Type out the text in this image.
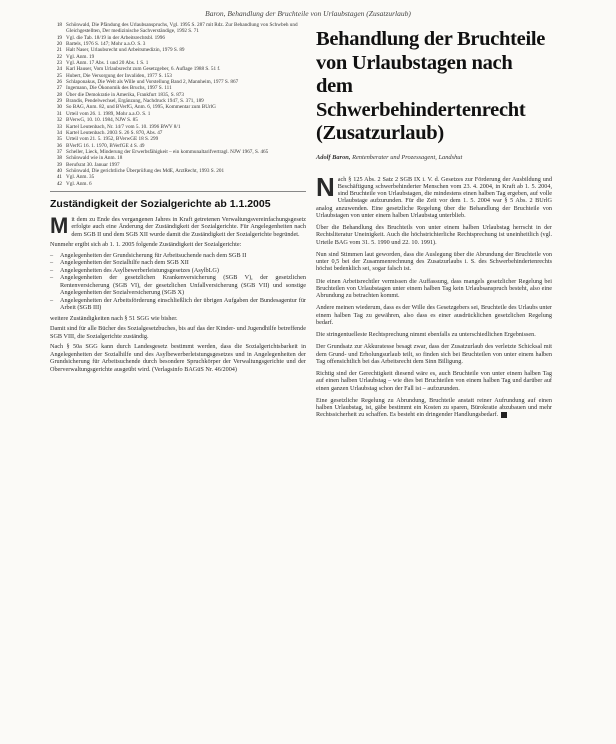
Baron, Behandlung der Bruchteile von Urlaubstagen (Zusatzurlaub)
18 Schönwald, Die Pfändung des Urlaubsanspruchs, Vgl. 1995 S. 287 mit Rdz. Zur Behandlung von Schwbeh und Gleichgestellten, Der medizinische Sachverständige, 1992 S. 71
19 Vgl. die Tab. 18/19 in der Arbeitsrechtsbl. 1996
20 Bartels, 1976 S. 147; Mohr a.a.O. S. 3
21 Halt Naser, Urlaubsrecht und Arbeitsmedizin, 1979 S. 89
22 Vgl. Anm. 19
23 Vgl. Anm. 17 Abs. 1 und 20 Abs. 1 S. 1
24 Karl Hauser, Vom Urlaubsrecht zum Gesetzgeber, 6. Auflage 1988 S. 51 f.
25 Hubert, Die Versorgung der Invaliden, 1977 S. 153
26 Schlaponakus, Die Welt als Wille und Vorstellung Band 2, Mannheim, 1977 S. 867
27 Ingemann, Die Ökonomik des Bruchs, 1997 S. 111
28 Über die Demokratie in Amerika, Frankfurt 1835, S. 873
29 Brandis, Pendelwechsel, Ergänzung, Nachdruck 1947, S. 371, 189
30 So BAG, Anm. 82, und BVerfG, Anm. 6, 1995, Kommentar zum BUrlG
31 Urteil vom 26. 1. 1989, Mohr a.a.O. S. 1
32 BVerwG, 10. 10. 1984, NJW S. 85
33 Kartel Leutenbach, Nr. 14/7 vom 5. 10. 1996 BWV 8/1
34 Kartel Leutenbach. 2003 S. 26 S. 870, Abs. 47
35 Urteil vom 21. 5. 1952, BVerwGE 18 S. 299
36 BVerfG 16. 1. 1970, BVerfGE 4 S. 49
37 Scheller, Lieck, Minderung der Erwerbsfähigkeit – ein kommunaltarifvertragl. NJW 1967, S. 465
38 Schönwald wie in Anm. 18
39 Berufsrat 30. Januar 1997
40 Schönwald, Die gerichtliche Überprüfung des MdE, ArztRecht, 1993 S. 201
41 Vgl. Anm. 35
42 Vgl. Anm. 6
Zuständigkeit der Sozialgerichte ab 1.1.2005

Mit dem zu Ende des vergangenen Jahres in Kraft getretenen Verwaltungsvereinfachungsgesetz erfolgte auch eine Änderung der Zuständigkeit der Sozialgerichte. Für Angelegenheiten nach dem SGB II und dem SGB XII wurde damit die Zuständigkeit der Sozialgerichte begründet.

Nunmehr ergibt sich ab 1. 1. 2005 folgende Zuständigkeit der Sozialgerichte:

–	Angelegenheiten der Grundsicherung für Arbeitsuchende nach dem SGB II
–	Angelegenheiten der Sozialhilfe nach dem SGB XII
–	Angelegenheiten des Asylbewerberleistungsgesetzes (AsylbLG)
–	Angelegenheiten der gesetzlichen Krankenversicherung (SGB V), der gesetzlichen Rentenversicherung (SGB VI), der gesetzlichen Unfallversicherung (SGB VII) und sonstige Angelegenheiten der Sozialversicherung (SGB X)
–	Angelegenheiten der Arbeitsförderung einschließlich der übrigen Aufgaben der Bundesagentur für Arbeit (SGB III)

weitere Zuständigkeiten nach § 51 SGG wie bisher.

Damit sind für alle Bücher des Sozialgesetzbuches, bis auf das der Kinder- und Jugendhilfe betreffende SGB VIII, die Sozialgerichte zuständig.

Nach § 50a SGG kann durch Landesgesetz bestimmt werden, dass die Sozialgerichtsbarkeit in Angelegenheiten der Sozialhilfe und des Asylbewerberleistungsgesetzes und in Angelegenheiten der Grundsicherung für Arbeitsuchende durch besondere Spruchkörper der Verwaltungsgerichte und der Oberverwaltungsgerichte ausgeübt wird. (Verlagsinfo BAGüS Nr. 46/2004)

Behandlung der Bruchteile von Urlaubstagen nach dem Schwerbehindertenrecht (Zusatzurlaub)

Adolf Baron, Rentenberater und Prozessagent, Landshut

Nach § 125 Abs. 2 Satz 2 SGB IX i. V. d. Gesetzes zur Förderung der Ausbildung und Beschäftigung schwerbehinderter Menschen vom 23. 4. 2004, in Kraft ab 1. 5. 2004, sind Bruchteile von Urlaubstagen, die mindestens einen halben Tag ergeben, auf volle Urlaubstage aufzurunden. Für die Zeit vor dem 1. 5. 2004 war § 5 Abs. 2 BUrlG analog anzuwenden. Eine gesetzliche Regelung über die Behandlung der Bruchteile von Urlaubstagen von unter einem halben Urlaubstag unterblieb.

Über die Behandlung des Bruchteils von unter einem halben Urlaubstag herrscht in der Rechtsliteratur Uneinigkeit. Auch die höchstrichterliche Rechtsprechung ist uneinheitlich (vgl. Urteile BAG vom 31. 5. 1990 und 22. 10. 1991).

Nun sind Stimmen laut geworden, dass die Auslegung über die Abrundung der Bruchteile von unter 0,5 bei der Zusammenrechnung des Zusatzurlaubs i. S. des Schwerbehindertenrechts höchst bedenklich sei, sogar falsch ist.

Die einen Arbeitsrechtler vermissen die Auffassung, dass mangels gesetzlicher Regelung bei Bruchteilen von Urlaubstagen unter einem halben Tag kein Urlaubsanspruch besteht, also eine Abrundung zu betrachten kommt.

Andere meinen wiederum, dass es der Wille des Gesetzgebers sei, Bruchteile des Urlaubs unter einem halben Tag zu gewähren, also dass es einer ausdrücklichen gesetzlichen Regelung bedarf.

Die stringentuelleste Rechtsprechung nimmt ebenfalls zu unterschiedlichen Ergebnissen.

Der Grundsatz zur Akkuratesse besagt zwar, dass der Zusatzurlaub des verletzte Schicksal mit dem Grund- und Erholungsurlaub teilt, so finden sich bei Bruchteilen von unter einem halben Tag offensichtlich bei das Arbeitsrecht dem Sinn Billigung.

Richtig sind der Gerechtigkeit diesend wäre es, auch Bruchteile von unter einem halben Tag auf einen halben Urlaubstag – wie dies bei Bruchteilen von einem halben Tag und darüber auf einen ganzen Urlaubstag schon der Fall ist – aufzurunden.

Eine gesetzliche Regelung zu Abrundung, Bruchteile anstatt reiner Aufrundung auf einen halben Urlaubstag, ist, gäbe bestimmt ein Kosten zu sparen, Bürokratie abzubauen und mehr Rechtssicherheit zu schaffen. Es besteht ein dringender Handlungsbedarf.
